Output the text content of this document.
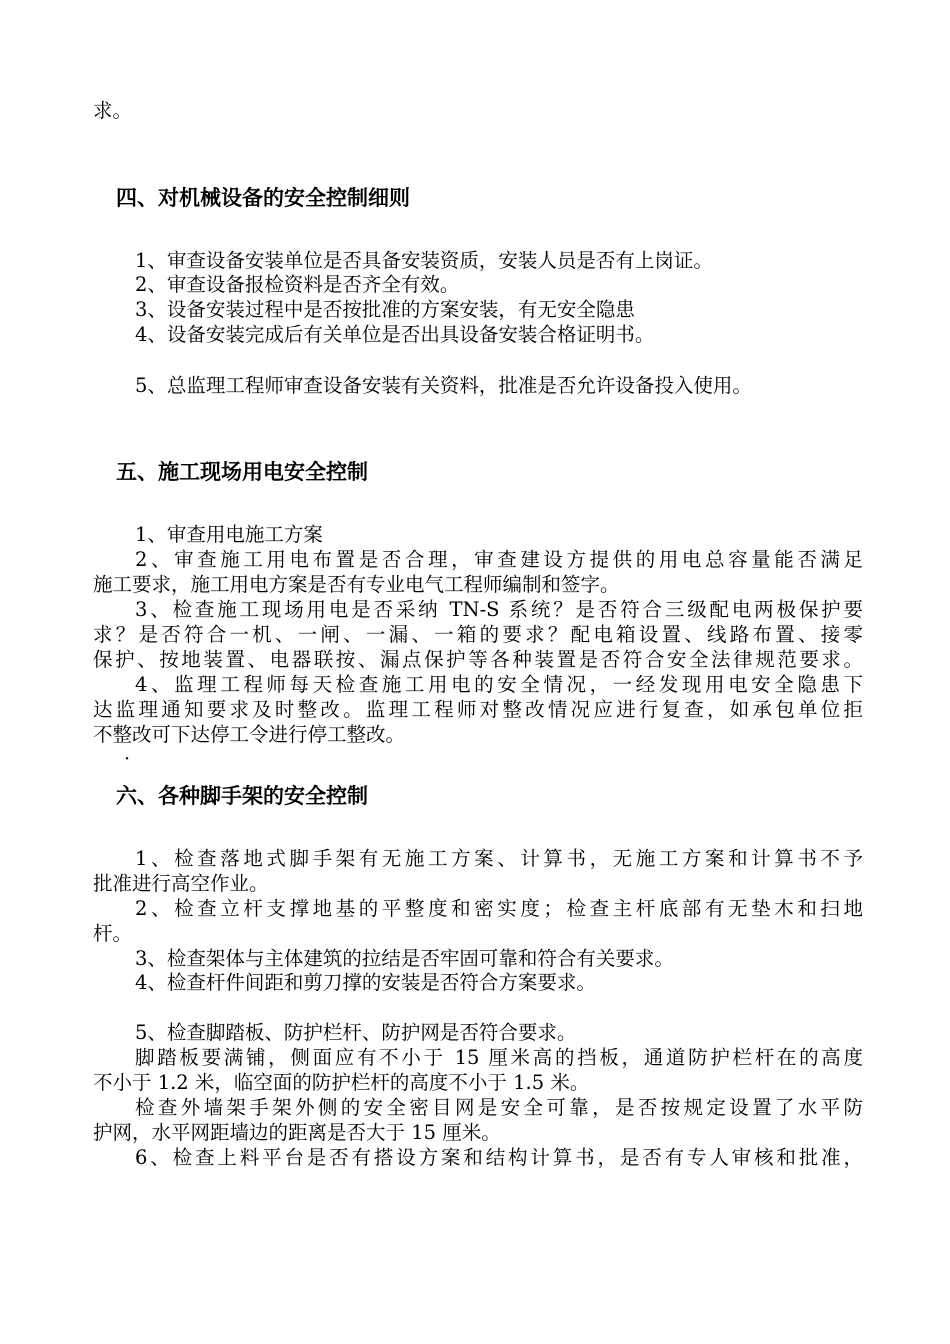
求。
四、对机械设备的安全控制细则
1、审查设备安装单位是否具备安装资质，安装人员是否有上岗证。
2、审查设备报检资料是否齐全有效。
3、设备安装过程中是否按批准的方案安装，有无安全隐患
4、设备安装完成后有关单位是否出具设备安装合格证明书。
5、总监理工程师审查设备安装有关资料，批准是否允许设备投入使用。
五、施工现场用电安全控制
1、审查用电施工方案
2、审查施工用电布置是否合理，审查建设方提供的用电总容量能否满足
施工要求，施工用电方案是否有专业电气工程师编制和签字。
3、检查施工现场用电是否采纳 TN-S 系统？是否符合三级配电两极保护要
求？是否符合一机、一闸、一漏、一箱的要求？配电箱设置、线路布置、接零
保护、按地装置、电器联按、漏点保护等各种装置是否符合安全法律规范要求。
4、监理工程师每天检查施工用电的安全情况，一经发现用电安全隐患下
达监理通知要求及时整改。监理工程师对整改情况应进行复查，如承包单位拒
不整改可下达停工令进行停工整改。
·
六、各种脚手架的安全控制
1、检查落地式脚手架有无施工方案、计算书，无施工方案和计算书不予
批准进行高空作业。
2、检查立杆支撑地基的平整度和密实度；检查主杆底部有无垫木和扫地
杆。
3、检查架体与主体建筑的拉结是否牢固可靠和符合有关要求。
4、检查杆件间距和剪刀撑的安装是否符合方案要求。
5、检查脚踏板、防护栏杆、防护网是否符合要求。
脚踏板要满铺，侧面应有不小于 15 厘米高的挡板，通道防护栏杆在的高度
不小于 1.2 米，临空面的防护栏杆的高度不小于 1.5 米。
检查外墙架手架外侧的安全密目网是安全可靠，是否按规定设置了水平防
护网，水平网距墙边的距离是否大于 15 厘米。
6、检查上料平台是否有搭设方案和结构计算书，是否有专人审核和批准，
